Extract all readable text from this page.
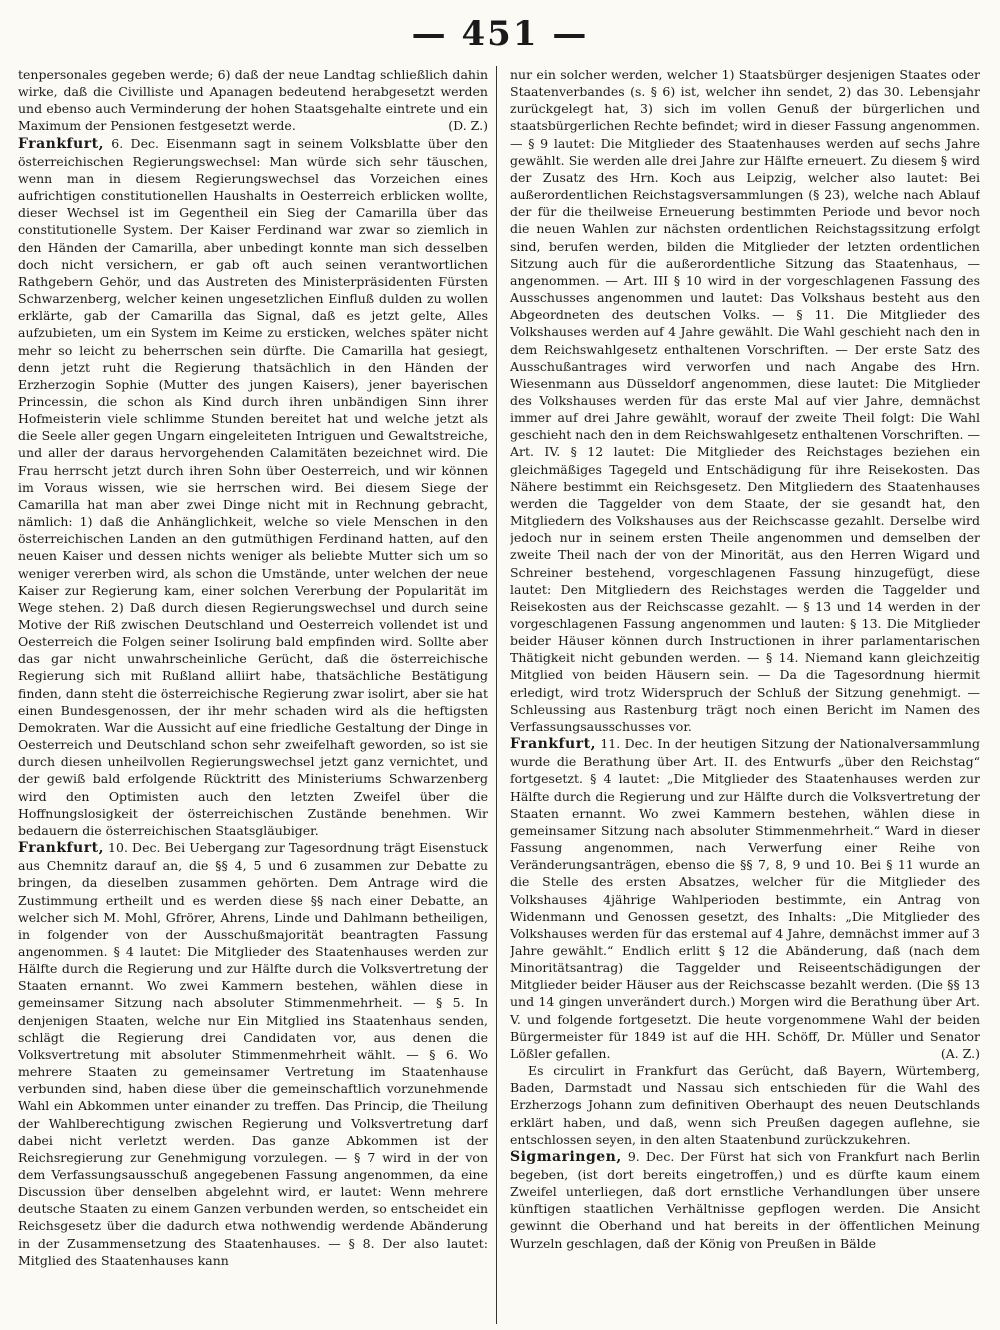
— 451 —

tenpersonales gegeben werde; 6) daß der neue Landtag schließlich dahin wirke, daß die Civilliste und Apanagen bedeutend herabgesetzt werden und ebenso auch Verminderung der hohen Staatsgehalte eintrete und ein Maximum der Pensionen festgesetzt werde.	(D. Z.)

Frankfurt, 6. Dec. Eisenmann sagt in seinem Volksblatte über den österreichischen Regierungswechsel: Man würde sich sehr täuschen, wenn man in diesem Regierungswechsel das Vorzeichen eines aufrichtigen constitutionellen Haushalts in Oesterreich erblicken wollte, dieser Wechsel ist im Gegentheil ein Sieg der Camarilla über das constitutionelle System. Der Kaiser Ferdinand war zwar so ziemlich in den Händen der Camarilla, aber unbedingt konnte man sich desselben doch nicht versichern, er gab oft auch seinen verantwortlichen Rathgebern Gehör, und das Austreten des Ministerpräsidenten Fürsten Schwarzenberg, welcher keinen ungesetzlichen Einfluß dulden zu wollen erklärte, gab der Camarilla das Signal, daß es jetzt gelte, Alles aufzubieten, um ein System im Keime zu ersticken, welches später nicht mehr so leicht zu beherrschen sein dürfte. Die Camarilla hat gesiegt, denn jetzt ruht die Regierung thatsächlich in den Händen der Erzherzogin Sophie (Mutter des jungen Kaisers), jener bayerischen Princessin, die schon als Kind durch ihren unbändigen Sinn ihrer Hofmeisterin viele schlimme Stunden bereitet hat und welche jetzt als die Seele aller gegen Ungarn eingeleiteten Intriguen und Gewaltstreiche, und aller der daraus hervorgehenden Calamitäten bezeichnet wird. Die Frau herrscht jetzt durch ihren Sohn über Oesterreich, und wir können im Voraus wissen, wie sie herrschen wird. Bei diesem Siege der Camarilla hat man aber zwei Dinge nicht mit in Rechnung gebracht, nämlich: 1) daß die Anhänglichkeit, welche so viele Menschen in den österreichischen Landen an den gutmüthigen Ferdinand hatten, auf den neuen Kaiser und dessen nichts weniger als beliebte Mutter sich um so weniger vererben wird, als schon die Umstände, unter welchen der neue Kaiser zur Regierung kam, einer solchen Vererbung der Popularität im Wege stehen. 2) Daß durch diesen Regierungswechsel und durch seine Motive der Riß zwischen Deutschland und Oesterreich vollendet ist und Oesterreich die Folgen seiner Isolirung bald empfinden wird. Sollte aber das gar nicht unwahrscheinliche Gerücht, daß die österreichische Regierung sich mit Rußland alliirt habe, thatsächliche Bestätigung finden, dann steht die österreichische Regierung zwar isolirt, aber sie hat einen Bundesgenossen, der ihr mehr schaden wird als die heftigsten Demokraten. War die Aussicht auf eine friedliche Gestaltung der Dinge in Oesterreich und Deutschland schon sehr zweifelhaft geworden, so ist sie durch diesen unheilvollen Regierungswechsel jetzt ganz vernichtet, und der gewiß bald erfolgende Rücktritt des Ministeriums Schwarzenberg wird den Optimisten auch den letzten Zweifel über die Hoffnungslosigkeit der österreichischen Zustände benehmen. Wir bedauern die österreichischen Staatsgläubiger.

Frankfurt, 10. Dec. Bei Uebergang zur Tagesordnung trägt Eisenstuck aus Chemnitz darauf an, die §§ 4, 5 und 6 zusammen zur Debatte zu bringen, da dieselben zusammen gehörten. Dem Antrage wird die Zustimmung ertheilt und es werden diese §§ nach einer Debatte, an welcher sich M. Mohl, Gfrörer, Ahrens, Linde und Dahlmann betheiligen, in folgender von der Ausschußmajorität beantragten Fassung angenommen. § 4 lautet: Die Mitglieder des Staatenhauses werden zur Hälfte durch die Regierung und zur Hälfte durch die Volksvertretung der Staaten ernannt. Wo zwei Kammern bestehen, wählen diese in gemeinsamer Sitzung nach absoluter Stimmenmehrheit. — § 5. In denjenigen Staaten, welche nur Ein Mitglied ins Staatenhaus senden, schlägt die Regierung drei Candidaten vor, aus denen die Volksvertretung mit absoluter Stimmenmehrheit wählt. — § 6. Wo mehrere Staaten zu gemeinsamer Vertretung im Staatenhause verbunden sind, haben diese über die gemeinschaftlich vorzunehmende Wahl ein Abkommen unter einander zu treffen. Das Princip, die Theilung der Wahlberechtigung zwischen Regierung und Volksvertretung darf dabei nicht verletzt werden. Das ganze Abkommen ist der Reichsregierung zur Genehmigung vorzulegen. — § 7 wird in der von dem Verfassungsausschuß angegebenen Fassung angenommen, da eine Discussion über denselben abgelehnt wird, er lautet: Wenn mehrere deutsche Staaten zu einem Ganzen verbunden werden, so entscheidet ein Reichsgesetz über die dadurch etwa nothwendig werdende Abänderung in der Zusammensetzung des Staatenhauses. — § 8. Der also lautet: Mitglied des Staatenhauses kann

nur ein solcher werden, welcher 1) Staatsbürger desjenigen Staates oder Staatenverbandes (s. § 6) ist, welcher ihn sendet, 2) das 30. Lebensjahr zurückgelegt hat, 3) sich im vollen Genuß der bürgerlichen und staatsbürgerlichen Rechte befindet; wird in dieser Fassung angenommen. — § 9 lautet: Die Mitglieder des Staatenhauses werden auf sechs Jahre gewählt. Sie werden alle drei Jahre zur Hälfte erneuert. Zu diesem § wird der Zusatz des Hrn. Koch aus Leipzig, welcher also lautet: Bei außerordentlichen Reichstagsversammlungen (§ 23), welche nach Ablauf der für die theilweise Erneuerung bestimmten Periode und bevor noch die neuen Wahlen zur nächsten ordentlichen Reichstagssitzung erfolgt sind, berufen werden, bilden die Mitglieder der letzten ordentlichen Sitzung auch für die außerordentliche Sitzung das Staatenhaus, — angenommen. — Art. III § 10 wird in der vorgeschlagenen Fassung des Ausschusses angenommen und lautet: Das Volkshaus besteht aus den Abgeordneten des deutschen Volks. — § 11. Die Mitglieder des Volkshauses werden auf 4 Jahre gewählt. Die Wahl geschieht nach den in dem Reichswahlgesetz enthaltenen Vorschriften. — Der erste Satz des Ausschußantrages wird verworfen und nach Angabe des Hrn. Wiesenmann aus Düsseldorf angenommen, diese lautet: Die Mitglieder des Volkshauses werden für das erste Mal auf vier Jahre, demnächst immer auf drei Jahre gewählt, worauf der zweite Theil folgt: Die Wahl geschieht nach den in dem Reichswahlgesetz enthaltenen Vorschriften. — Art. IV. § 12 lautet: Die Mitglieder des Reichstages beziehen ein gleichmäßiges Tagegeld und Entschädigung für ihre Reisekosten. Das Nähere bestimmt ein Reichsgesetz. Den Mitgliedern des Staatenhauses werden die Taggelder von dem Staate, der sie gesandt hat, den Mitgliedern des Volkshauses aus der Reichscasse gezahlt. Derselbe wird jedoch nur in seinem ersten Theile angenommen und demselben der zweite Theil nach der von der Minorität, aus den Herren Wigard und Schreiner bestehend, vorgeschlagenen Fassung hinzugefügt, diese lautet: Den Mitgliedern des Reichstages werden die Taggelder und Reisekosten aus der Reichscasse gezahlt. — § 13 und 14 werden in der vorgeschlagenen Fassung angenommen und lauten: § 13. Die Mitglieder beider Häuser können durch Instructionen in ihrer parlamentarischen Thätigkeit nicht gebunden werden. — § 14. Niemand kann gleichzeitig Mitglied von beiden Häusern sein. — Da die Tagesordnung hiermit erledigt, wird trotz Widerspruch der Schluß der Sitzung genehmigt. — Schleussing aus Rastenburg trägt noch einen Bericht im Namen des Verfassungsausschusses vor.

Frankfurt, 11. Dec. In der heutigen Sitzung der Nationalversammlung wurde die Berathung über Art. II. des Entwurfs „über den Reichstag“ fortgesetzt. § 4 lautet: „Die Mitglieder des Staatenhauses werden zur Hälfte durch die Regierung und zur Hälfte durch die Volksvertretung der Staaten ernannt. Wo zwei Kammern bestehen, wählen diese in gemeinsamer Sitzung nach absoluter Stimmenmehrheit.“ Ward in dieser Fassung angenommen, nach Verwerfung einer Reihe von Veränderungsanträgen, ebenso die §§ 7, 8, 9 und 10. Bei § 11 wurde an die Stelle des ersten Absatzes, welcher für die Mitglieder des Volkshauses 4jährige Wahlperioden bestimmte, ein Antrag von Widenmann und Genossen gesetzt, des Inhalts: „Die Mitglieder des Volkshauses werden für das erstemal auf 4 Jahre, demnächst immer auf 3 Jahre gewählt.“ Endlich erlitt § 12 die Abänderung, daß (nach dem Minoritätsantrag) die Taggelder und Reiseentschädigungen der Mitglieder beider Häuser aus der Reichscasse bezahlt werden. (Die §§ 13 und 14 gingen unverändert durch.) Morgen wird die Berathung über Art. V. und folgende fortgesetzt. Die heute vorgenommene Wahl der beiden Bürgermeister für 1849 ist auf die HH. Schöff, Dr. Müller und Senator Lößler gefallen.	(A. Z.)

Es circulirt in Frankfurt das Gerücht, daß Bayern, Würtemberg, Baden, Darmstadt und Nassau sich entschieden für die Wahl des Erzherzogs Johann zum definitiven Oberhaupt des neuen Deutschlands erklärt haben, und daß, wenn sich Preußen dagegen auflehne, sie entschlossen seyen, in den alten Staatenbund zurückzukehren.

Sigmaringen, 9. Dec. Der Fürst hat sich von Frankfurt nach Berlin begeben, (ist dort bereits eingetroffen,) und es dürfte kaum einem Zweifel unterliegen, daß dort ernstliche Verhandlungen über unsere künftigen staatlichen Verhältnisse gepflogen werden. Die Ansicht gewinnt die Oberhand und hat bereits in der öffentlichen Meinung Wurzeln geschlagen, daß der König von Preußen in Bälde
